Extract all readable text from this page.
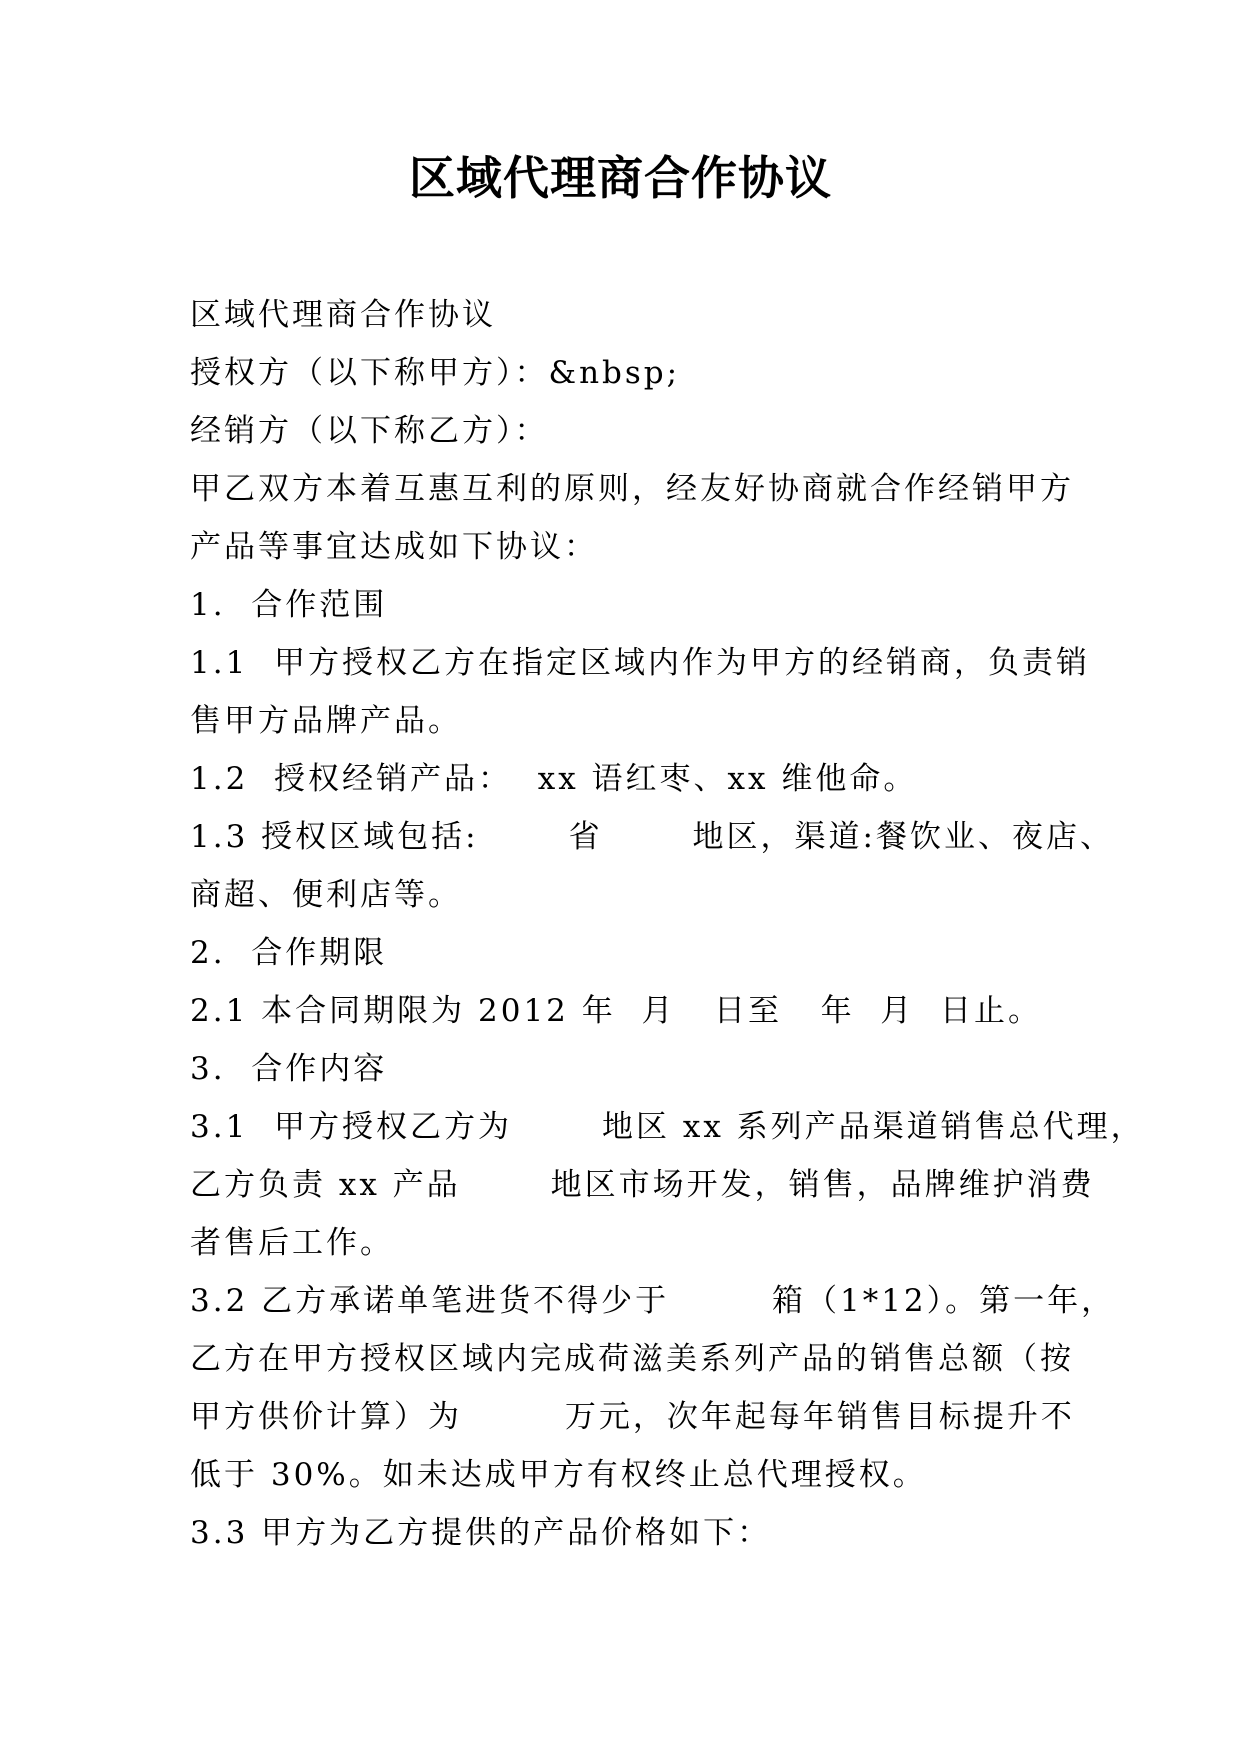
区域代理商合作协议

区域代理商合作协议

授权方（以下称甲方）：&nbsp;

经销方（以下称乙方）：

甲乙双方本着互惠互利的原则，经友好协商就合作经销甲方

产品等事宜达成如下协议：

1.  合作范围

1.1  甲方授权乙方在指定区域内作为甲方的经销商，负责销

售甲方品牌产品。

1.2  授权经销产品：  xx 语红枣、xx 维他命。

1.3 授权区域包括:       省       地区，渠道:餐饮业、夜店、

商超、便利店等。

2.  合作期限

2.1 本合同期限为 2012 年  月   日至   年  月  日止。

3.  合作内容

3.1  甲方授权乙方为       地区 xx 系列产品渠道销售总代理，

乙方负责 xx 产品       地区市场开发，销售，品牌维护消费

者售后工作。

3.2 乙方承诺单笔进货不得少于        箱（1*12）。第一年，

乙方在甲方授权区域内完成荷滋美系列产品的销售总额（按

甲方供价计算）为        万元，次年起每年销售目标提升不

低于 30%。如未达成甲方有权终止总代理授权。

3.3 甲方为乙方提供的产品价格如下：
